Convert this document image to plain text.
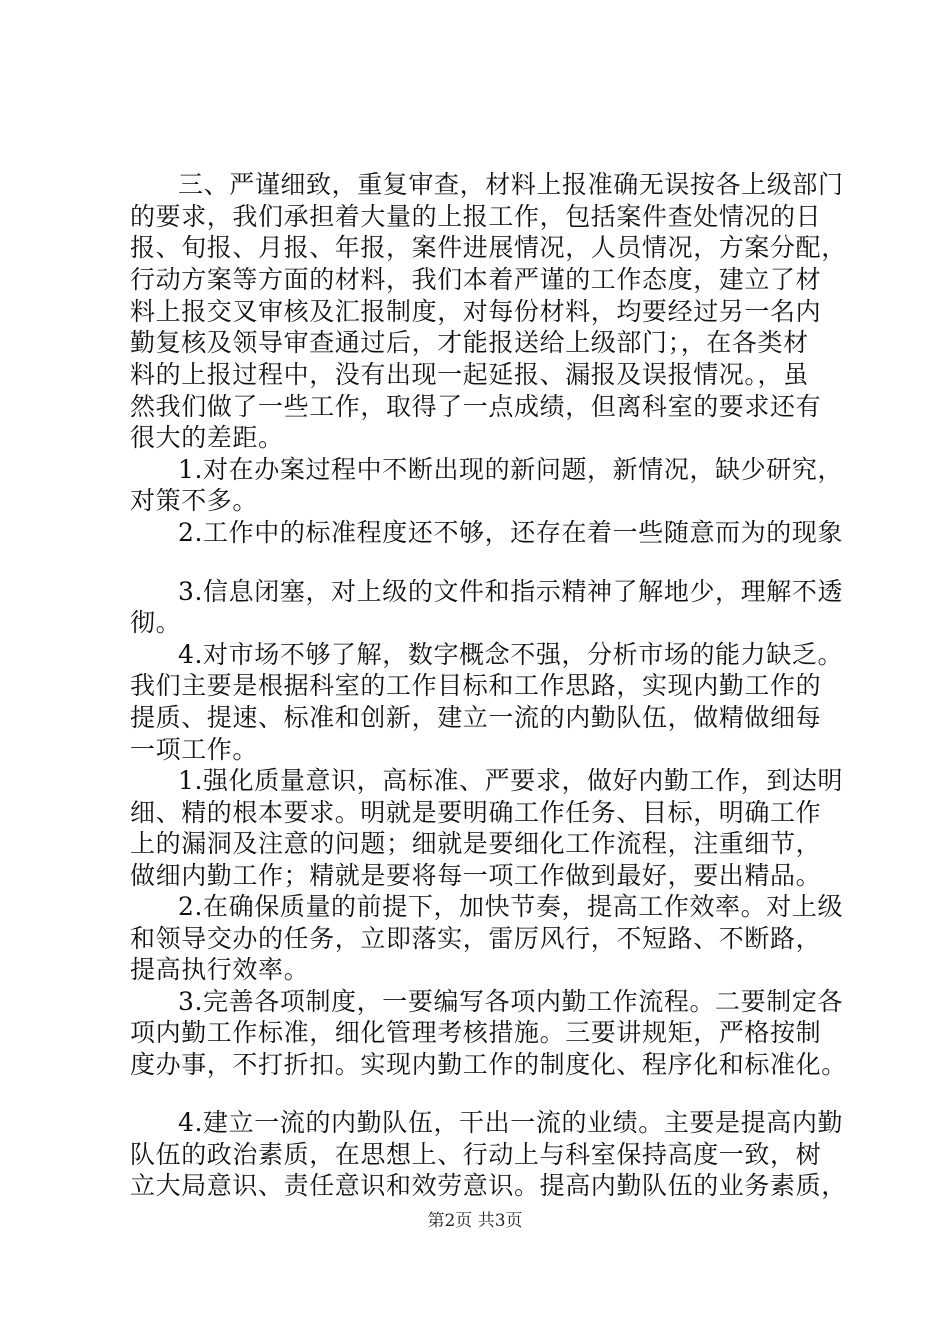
三、严谨细致，重复审查，材料上报准确无误按各上级部门
的要求，我们承担着大量的上报工作，包括案件查处情况的日
报、旬报、月报、年报，案件进展情况，人员情况，方案分配，
行动方案等方面的材料，我们本着严谨的工作态度，建立了材
料上报交叉审核及汇报制度，对每份材料，均要经过另一名内
勤复核及领导审查通过后，才能报送给上级部门；，在各类材
料的上报过程中，没有出现一起延报、漏报及误报情况。，虽
然我们做了一些工作，取得了一点成绩，但离科室的要求还有
很大的差距。
1.对在办案过程中不断出现的新问题，新情况，缺少研究，
对策不多。
2.工作中的标准程度还不够，还存在着一些随意而为的现象
3.信息闭塞，对上级的文件和指示精神了解地少，理解不透
彻。
4.对市场不够了解，数字概念不强，分析市场的能力缺乏。
我们主要是根据科室的工作目标和工作思路，实现内勤工作的
提质、提速、标准和创新，建立一流的内勤队伍，做精做细每
一项工作。
1.强化质量意识，高标准、严要求，做好内勤工作，到达明
细、精的根本要求。明就是要明确工作任务、目标，明确工作
上的漏洞及注意的问题；细就是要细化工作流程，注重细节，
做细内勤工作；精就是要将每一项工作做到最好，要出精品。
2.在确保质量的前提下，加快节奏，提高工作效率。对上级
和领导交办的任务，立即落实，雷厉风行，不短路、不断路，
提高执行效率。
3.完善各项制度，一要编写各项内勤工作流程。二要制定各
项内勤工作标准，细化管理考核措施。三要讲规矩，严格按制
度办事，不打折扣。实现内勤工作的制度化、程序化和标准化。
4.建立一流的内勤队伍，干出一流的业绩。主要是提高内勤
队伍的政治素质，在思想上、行动上与科室保持高度一致，树
立大局意识、责任意识和效劳意识。提高内勤队伍的业务素质，
第2页 共3页
